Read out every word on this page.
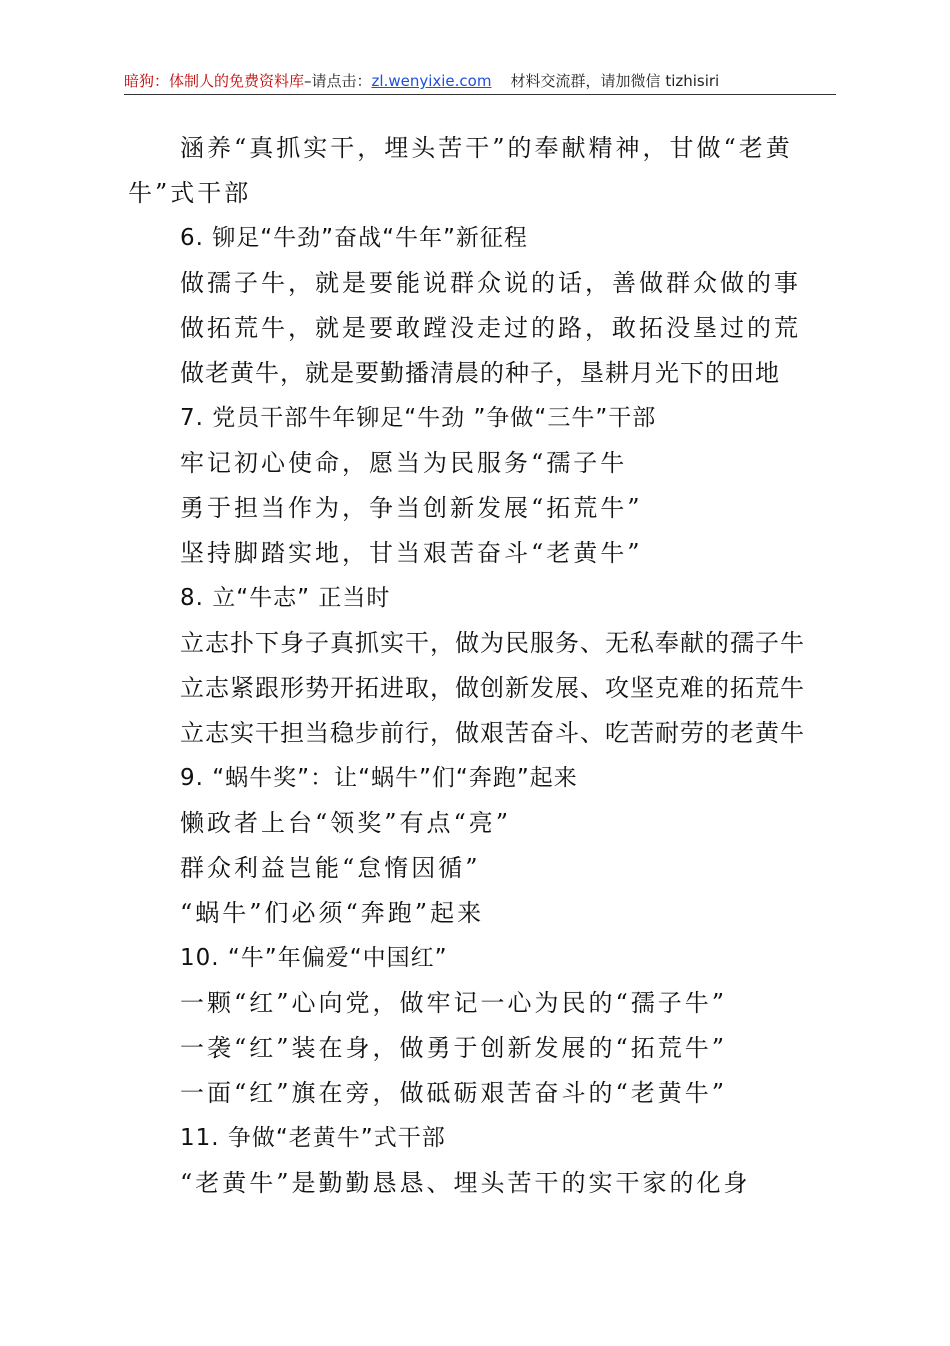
暗狗：体制人的免费资料库–请点击：zl.wenyixie.com 材料交流群，请加微信 tizhisiri
涵养“真抓实干，埋头苦干”的奉献精神，甘做“老黄
牛”式干部
6. 铆足“牛劲”奋战“牛年”新征程
做孺子牛，就是要能说群众说的话，善做群众做的事
做拓荒牛，就是要敢蹚没走过的路，敢拓没垦过的荒
做老黄牛，就是要勤播清晨的种子，垦耕月光下的田地
7. 党员干部牛年铆足“牛劲 ”争做“三牛”干部
牢记初心使命，愿当为民服务“孺子牛
勇于担当作为，争当创新发展“拓荒牛”
坚持脚踏实地，甘当艰苦奋斗“老黄牛”
8. 立“牛志” 正当时
立志扑下身子真抓实干，做为民服务、无私奉献的孺子牛
立志紧跟形势开拓进取，做创新发展、攻坚克难的拓荒牛
立志实干担当稳步前行，做艰苦奋斗、吃苦耐劳的老黄牛
9. “蜗牛奖”：让“蜗牛”们“奔跑”起来
懒政者上台“领奖”有点“亮”
群众利益岂能“怠惰因循”
“蜗牛”们必须“奔跑”起来
10. “牛”年偏爱“中国红”
一颗“红”心向党，做牢记一心为民的“孺子牛”
一袭“红”装在身，做勇于创新发展的“拓荒牛”
一面“红”旗在旁，做砥砺艰苦奋斗的“老黄牛”
11. 争做“老黄牛”式干部
“老黄牛”是勤勤恳恳、埋头苦干的实干家的化身
